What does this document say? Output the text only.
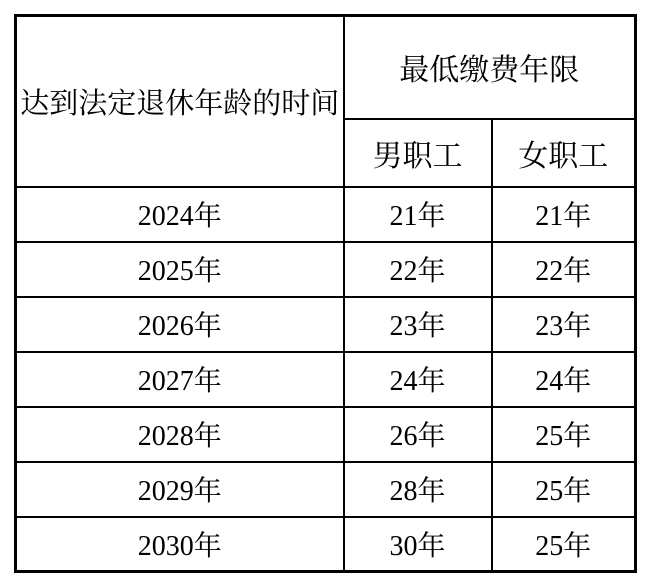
达到法定退休年龄的时间	最低缴费年限	
	男职工	女职工
2024年	21年	21年
2025年	22年	22年
2026年	23年	23年
2027年	24年	24年
2028年	26年	25年
2029年	28年	25年
2030年	30年	25年
